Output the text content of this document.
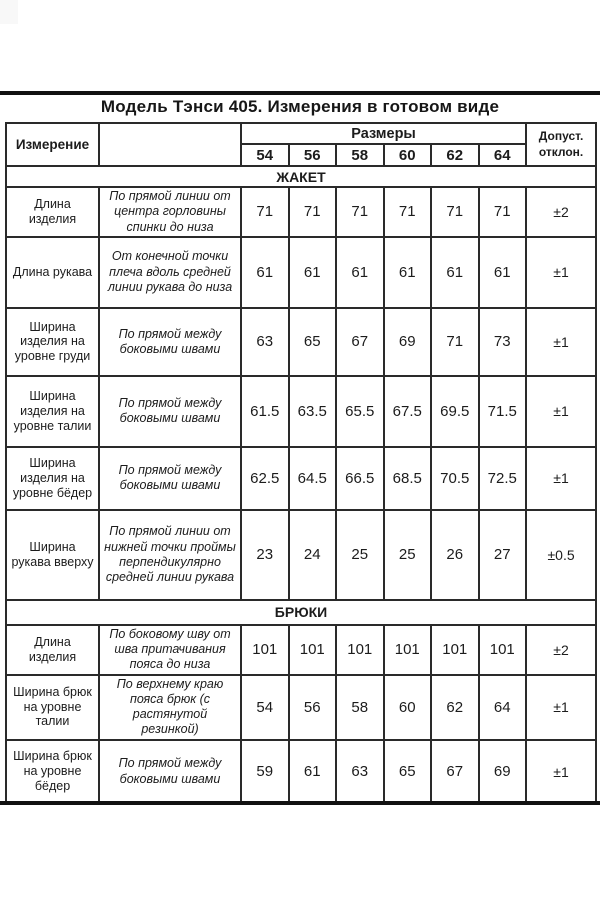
Модель Тэнси 405. Измерения в готовом виде
Измерение		Размеры						Допуст.
отклон.

		54	56	58	60	62	64	
ЖАКЕТ								
Длина изделия	По прямой линии от центра горловины спинки до низа	71	71	71	71	71	71	±2
Длина рукава	От конечной точки плеча вдоль средней линии рукава до низа	61	61	61	61	61	61	±1
Ширина изделия на уровне груди	По прямой между боковыми швами	63	65	67	69	71	73	±1
Ширина изделия на уровне талии	По прямой между боковыми швами	61.5	63.5	65.5	67.5	69.5	71.5	±1
Ширина изделия на уровне бёдер	По прямой между боковыми швами	62.5	64.5	66.5	68.5	70.5	72.5	±1
Ширина рукава вверху	По прямой линии от нижней точки проймы перпендикулярно средней линии рукава	23	24	25	25	26	27	±0.5
БРЮКИ								
Длина изделия	По боковому шву от шва притачивания пояса до низа	101	101	101	101	101	101	±2
Ширина брюк на уровне талии	По верхнему краю пояса брюк (с растянутой резинкой)	54	56	58	60	62	64	±1
Ширина брюк на уровне бёдер	По прямой между боковыми швами	59	61	63	65	67	69	±1
